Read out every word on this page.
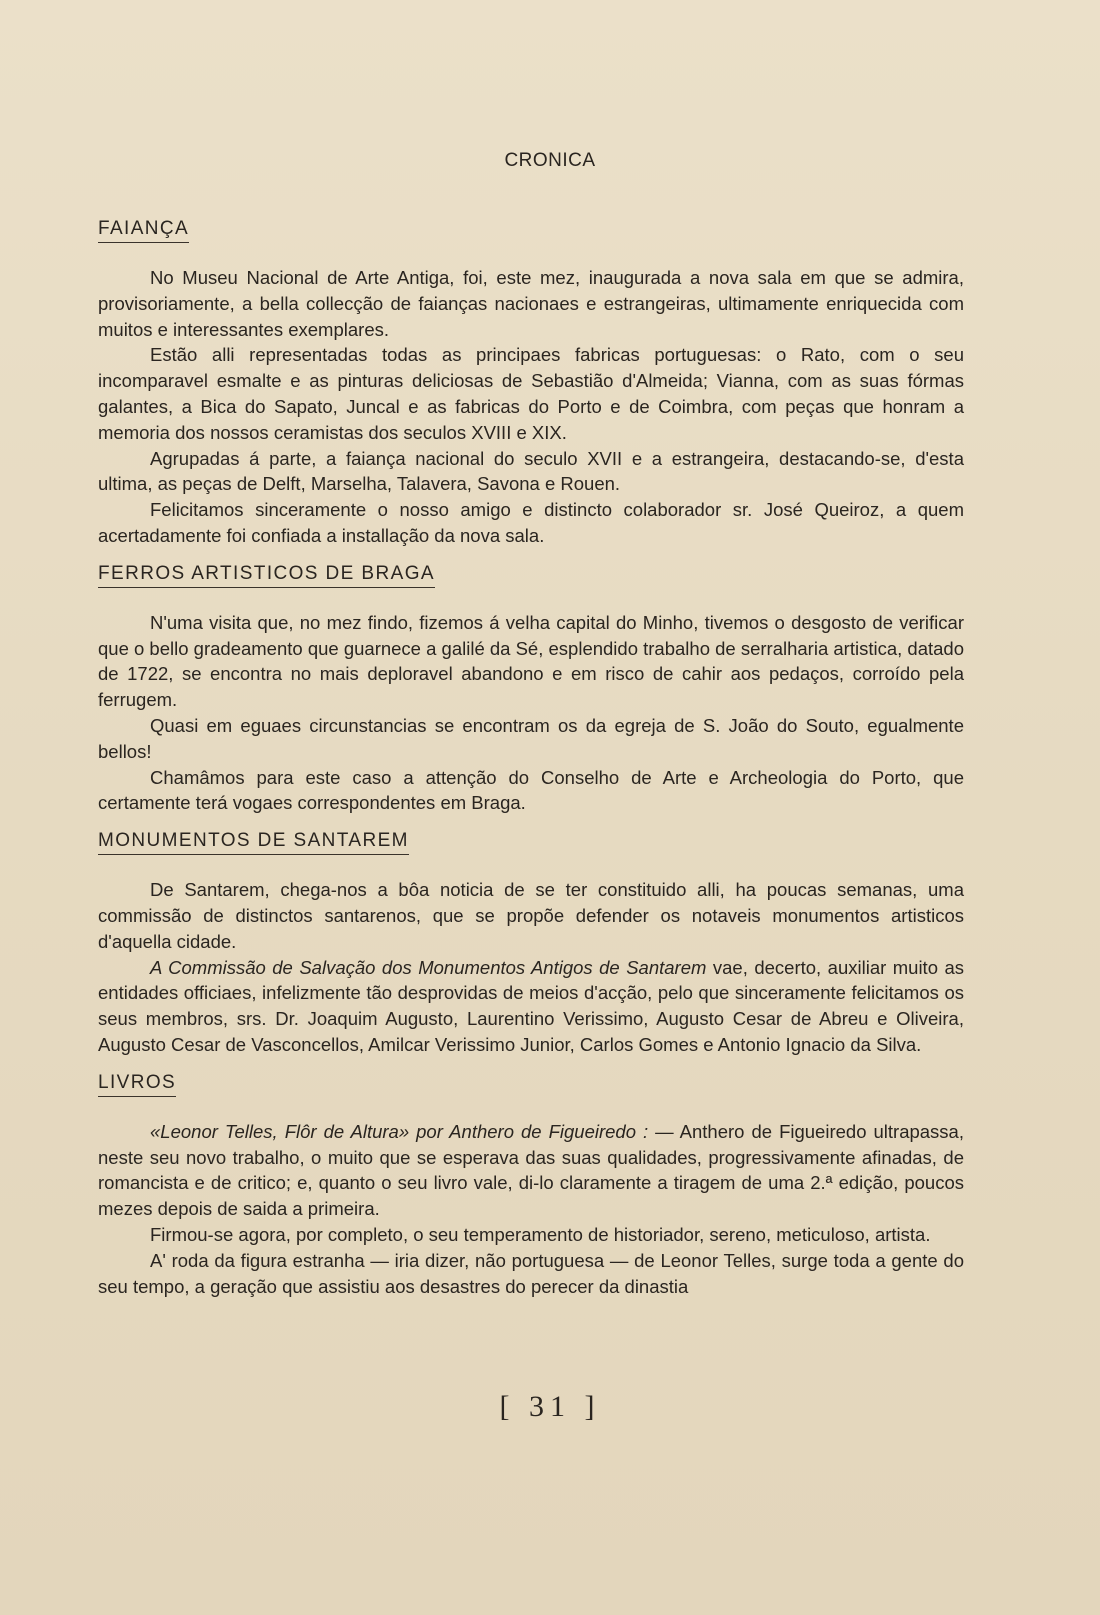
CRONICA
FAIANÇA

No Museu Nacional de Arte Antiga, foi, este mez, inaugurada a nova sala em que se admira, provisoriamente, a bella collecção de faianças nacionaes e estrangeiras, ultimamente enriquecida com muitos e interessantes exemplares.

Estão alli representadas todas as principaes fabricas portuguesas: o Rato, com o seu incomparavel esmalte e as pinturas deliciosas de Sebastião d'Almeida; Vianna, com as suas fórmas galantes, a Bica do Sapato, Juncal e as fabricas do Porto e de Coimbra, com peças que honram a memoria dos nossos ceramistas dos seculos XVIII e XIX.

Agrupadas á parte, a faiança nacional do seculo XVII e a estrangeira, destacando-se, d'esta ultima, as peças de Delft, Marselha, Talavera, Savona e Rouen.

Felicitamos sinceramente o nosso amigo e distincto colaborador sr. José Queiroz, a quem acertadamente foi confiada a installação da nova sala.

FERROS ARTISTICOS DE BRAGA

N'uma visita que, no mez findo, fizemos á velha capital do Minho, tivemos o desgosto de verificar que o bello gradeamento que guarnece a galilé da Sé, esplendido trabalho de serralharia artistica, datado de 1722, se encontra no mais deploravel abandono e em risco de cahir aos pedaços, corroído pela ferrugem.

Quasi em eguaes circunstancias se encontram os da egreja de S. João do Souto, egualmente bellos!

Chamâmos para este caso a attenção do Conselho de Arte e Archeologia do Porto, que certamente terá vogaes correspondentes em Braga.

MONUMENTOS DE SANTAREM

De Santarem, chega-nos a bôa noticia de se ter constituido alli, ha poucas semanas, uma commissão de distinctos santarenos, que se propõe defender os notaveis monumentos artisticos d'aquella cidade.

A Commissão de Salvação dos Monumentos Antigos de Santarem vae, decerto, auxiliar muito as entidades officiaes, infelizmente tão desprovidas de meios d'acção, pelo que sinceramente felicitamos os seus membros, srs. Dr. Joaquim Augusto, Laurentino Verissimo, Augusto Cesar de Abreu e Oliveira, Augusto Cesar de Vasconcellos, Amilcar Verissimo Junior, Carlos Gomes e Antonio Ignacio da Silva.

LIVROS

«Leonor Telles, Flôr de Altura» por Anthero de Figueiredo : — Anthero de Figueiredo ultrapassa, neste seu novo trabalho, o muito que se esperava das suas qualidades, progressivamente afinadas, de romancista e de critico; e, quanto o seu livro vale, di-lo claramente a tiragem de uma 2.ª edição, poucos mezes depois de saida a primeira.

Firmou-se agora, por completo, o seu temperamento de historiador, sereno, meticuloso, artista.

A' roda da figura estranha — iria dizer, não portuguesa — de Leonor Telles, surge toda a gente do seu tempo, a geração que assistiu aos desastres do perecer da dinastia

[ 31 ]
